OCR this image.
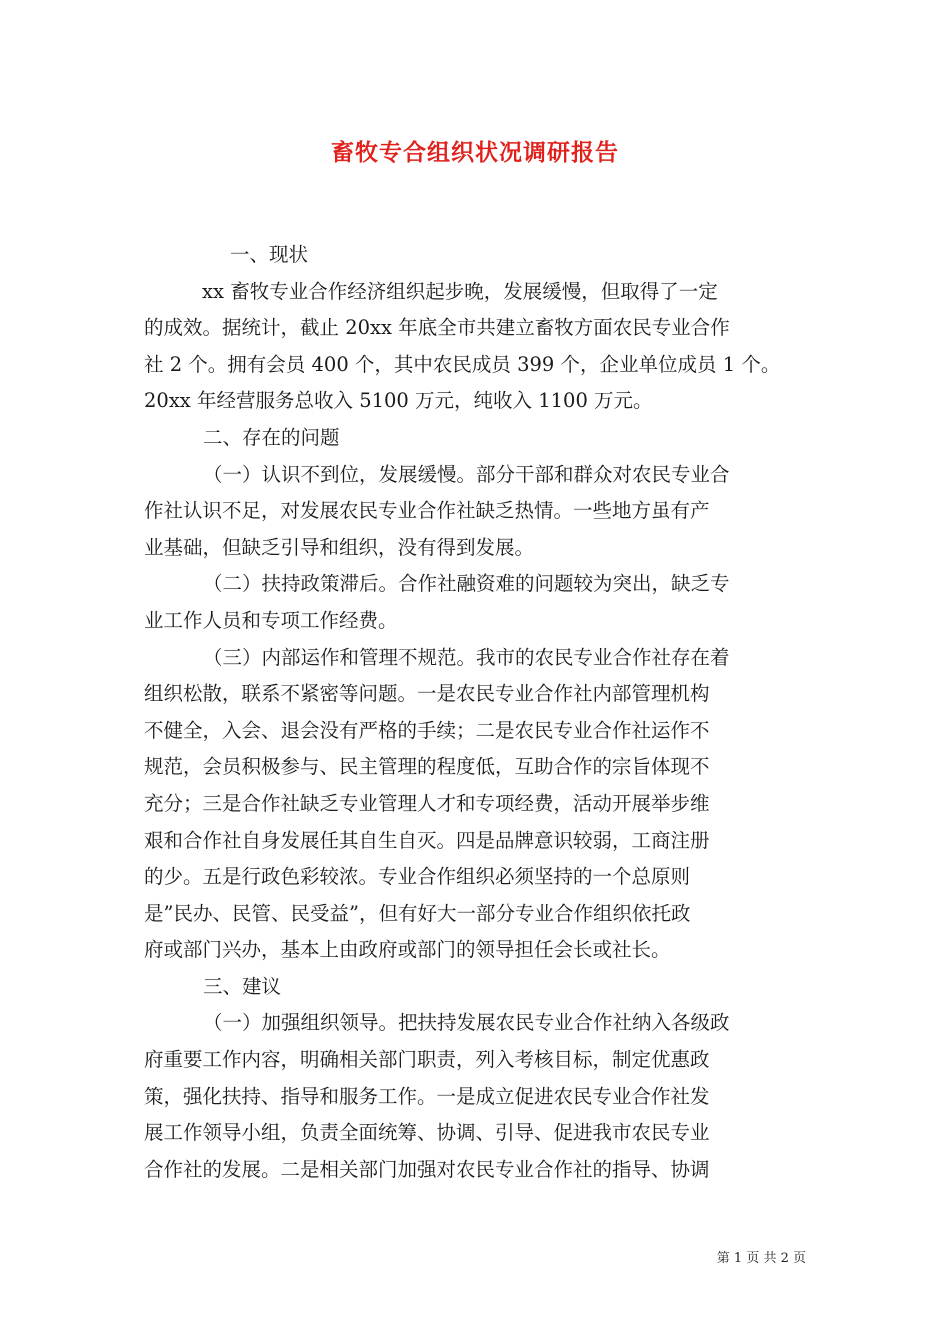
畜牧专合组织状况调研报告
一、现状
xx 畜牧专业合作经济组织起步晚，发展缓慢，但取得了一定
的成效。据统计，截止 20xx 年底全市共建立畜牧方面农民专业合作
社 2 个。拥有会员 400 个，其中农民成员 399 个，企业单位成员 1 个。
20xx 年经营服务总收入 5100 万元，纯收入 1100 万元。
二、存在的问题
（一）认识不到位，发展缓慢。部分干部和群众对农民专业合
作社认识不足，对发展农民专业合作社缺乏热情。一些地方虽有产
业基础，但缺乏引导和组织，没有得到发展。
（二）扶持政策滞后。合作社融资难的问题较为突出，缺乏专
业工作人员和专项工作经费。
（三）内部运作和管理不规范。我市的农民专业合作社存在着
组织松散，联系不紧密等问题。一是农民专业合作社内部管理机构
不健全，入会、退会没有严格的手续；二是农民专业合作社运作不
规范，会员积极参与、民主管理的程度低，互助合作的宗旨体现不
充分；三是合作社缺乏专业管理人才和专项经费，活动开展举步维
艰和合作社自身发展任其自生自灭。四是品牌意识较弱，工商注册
的少。五是行政色彩较浓。专业合作组织必须坚持的一个总原则
是”民办、民管、民受益”，但有好大一部分专业合作组织依托政
府或部门兴办，基本上由政府或部门的领导担任会长或社长。
三、建议
（一）加强组织领导。把扶持发展农民专业合作社纳入各级政
府重要工作内容，明确相关部门职责，列入考核目标，制定优惠政
策，强化扶持、指导和服务工作。一是成立促进农民专业合作社发
展工作领导小组，负责全面统筹、协调、引导、促进我市农民专业
合作社的发展。二是相关部门加强对农民专业合作社的指导、协调
第 1 页 共 2 页
